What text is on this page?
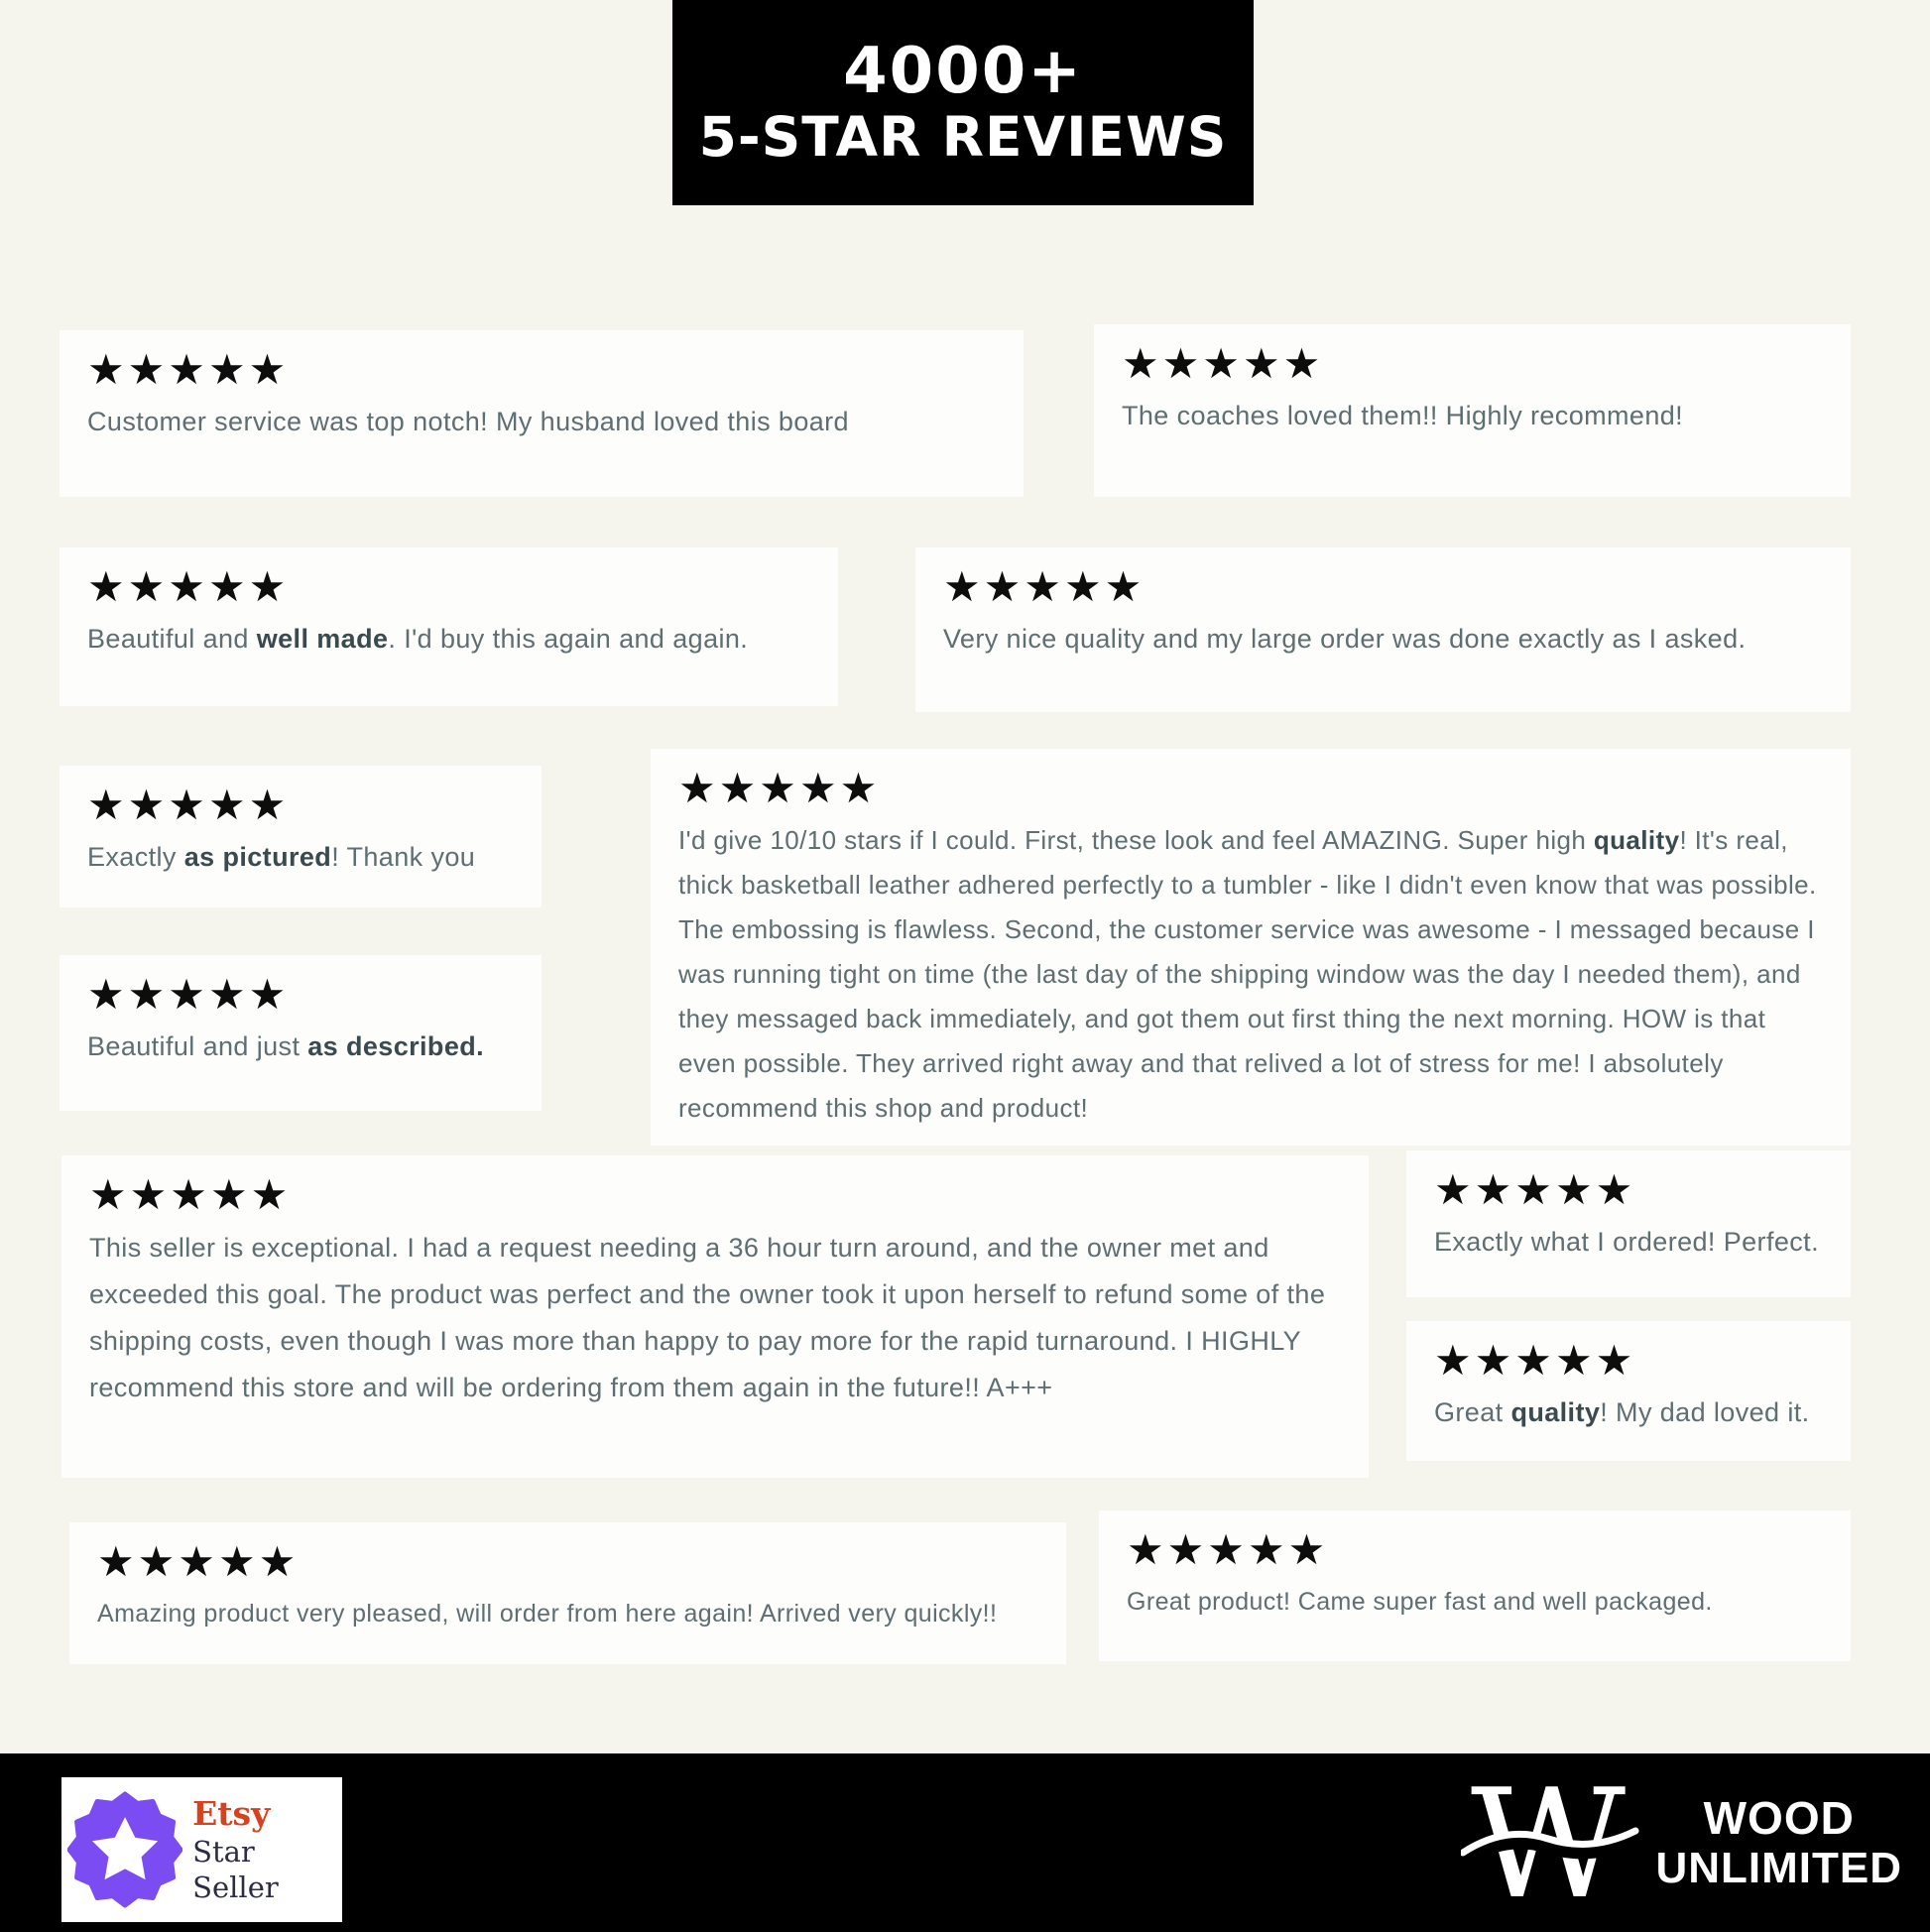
4000+
5-STAR REVIEWS
★★★★★
Customer service was top notch! My husband loved this board
★★★★★
The coaches loved them!! Highly recommend!
★★★★★
Beautiful and well made. I'd buy this again and again.
★★★★★
Very nice quality and my large order was done exactly as I asked.
★★★★★
Exactly as pictured! Thank you
★★★★★
Beautiful and just as described.
★★★★★
I'd give 10/10 stars if I could. First, these look and feel AMAZING. Super high quality! It's real, thick basketball leather adhered perfectly to a tumbler - like I didn't even know that was possible. The embossing is flawless. Second, the customer service was awesome - I messaged because I was running tight on time (the last day of the shipping window was the day I needed them), and they messaged back immediately, and got them out first thing the next morning. HOW is that even possible. They arrived right away and that relived a lot of stress for me! I absolutely recommend this shop and product!
★★★★★
This seller is exceptional. I had a request needing a 36 hour turn around, and the owner met and exceeded this goal. The product was perfect and the owner took it upon herself to refund some of the shipping costs, even though I was more than happy to pay more for the rapid turnaround. I HIGHLY recommend this store and will be ordering from them again in the future!! A+++
★★★★★
Exactly what I ordered! Perfect.
★★★★★
Great quality! My dad loved it.
★★★★★
Amazing product very pleased, will order from here again! Arrived very quickly!!
★★★★★
Great product! Came super fast and well packaged.
Etsy
Star Seller	W	WOOD
UNLIMITED
